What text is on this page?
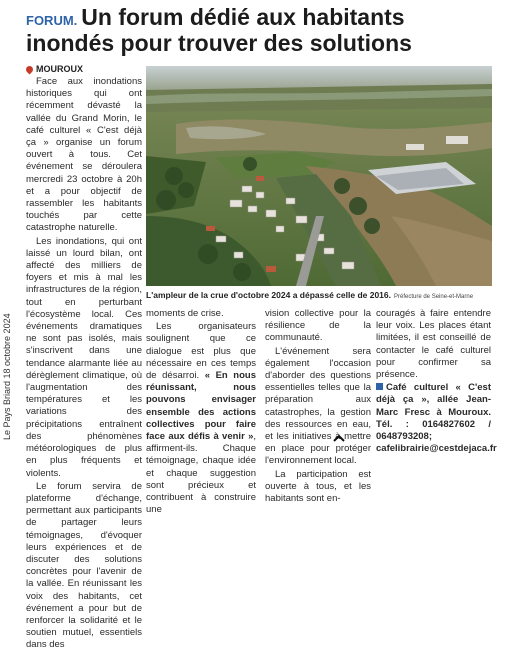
Le Pays Briard 18 octobre 2024
FORUM. Un forum dédié aux habitants inondés pour trouver des solutions
MOUROUX

Face aux inondations historiques qui ont récemment dévasté la vallée du Grand Morin, le café culturel « C'est déjà ça » organise un forum ouvert à tous. Cet événement se déroulera mercredi 23 octobre à 20h et a pour objectif de rassembler les habitants touchés par cette catastrophe naturelle.

Les inondations, qui ont laissé un lourd bilan, ont affecté des milliers de foyers et mis à mal les infrastructures de la région, tout en perturbant l'écosystème local. Ces événements dramatiques ne sont pas isolés, mais s'inscrivent dans une tendance alarmante liée au dérèglement climatique, où l'augmentation des températures et les variations des précipitations entraînent des phénomènes météorologiques de plus en plus fréquents et violents.

Le forum servira de plateforme d'échange, permettant aux participants de partager leurs témoignages, d'évoquer leurs expériences et de discuter des solutions concrètes pour l'avenir de la vallée. En réunissant les voix des habitants, cet événement a pour but de renforcer la solidarité et le soutien mutuel, essentiels dans des

L'ampleur de la crue d'octobre 2024 a dépassé celle de 2016. Préfecture de Seine-et-Marne

moments de crise.

Les organisateurs soulignent que ce dialogue est plus que nécessaire en ces temps de désarroi. « En nous réunissant, nous pouvons envisager ensemble des actions collectives pour faire face aux défis à venir », affirment-ils. Chaque témoignage, chaque idée et chaque suggestion sont précieux et contribuent à construire une

vision collective pour la résilience de la communauté.

L'événement sera également l'occasion d'aborder des questions essentielles telles que la préparation aux catastrophes, la gestion des ressources en eau, et les initiatives à mettre en place pour protéger l'environnement local.

La participation est ouverte à tous, et les habitants sont en-

couragés à faire entendre leur voix. Les places étant limitées, il est conseillé de contacter le café culturel pour confirmer sa présence.

Café culturel « C'est déjà ça », allée Jean-Marc Fresc à Mouroux. Tél. : 0164827602 / 0648793208; cafelibrairie@cestdejaca.fr
